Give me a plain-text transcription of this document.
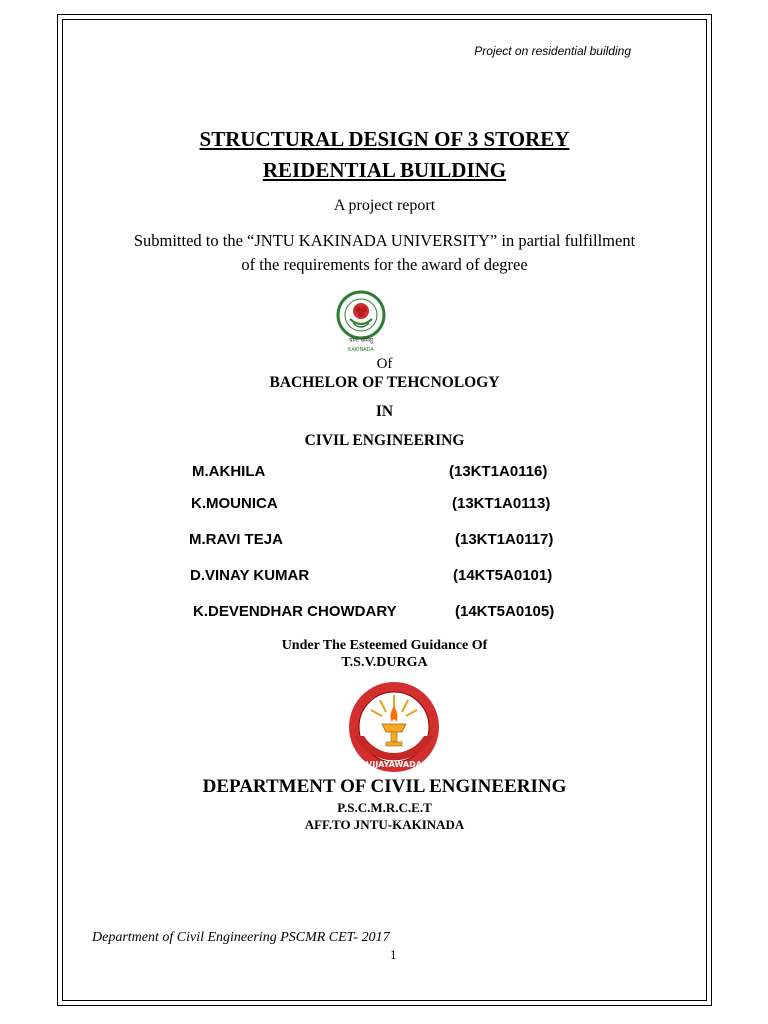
Project on residential building
STRUCTURAL DESIGN OF 3 STOREY
REIDENTIAL BUILDING
A project report
Submitted to the “JNTU KAKINADA UNIVERSITY” in partial fulfillment
of the requirements for the award of degree
योगः कर्मसु
KAKINADA
Of
BACHELOR OF TEHCNOLOGY
IN
CIVIL ENGINEERING
M.AKHILA	(13KT1A0116)
K.MOUNICA	(13KT1A0113)
M.RAVI TEJA	(13KT1A0117)
D.VINAY KUMAR	(14KT5A0101)
K.DEVENDHAR CHOWDARY	(14KT5A0105)
Under The Esteemed Guidance Of
T.S.V.DURGA
VIJAYAWADA
DEPARTMENT OF CIVIL ENGINEERING
P.S.C.M.R.C.E.T
AFF.TO JNTU-KAKINADA
Department of Civil Engineering PSCMR CET- 2017
1
